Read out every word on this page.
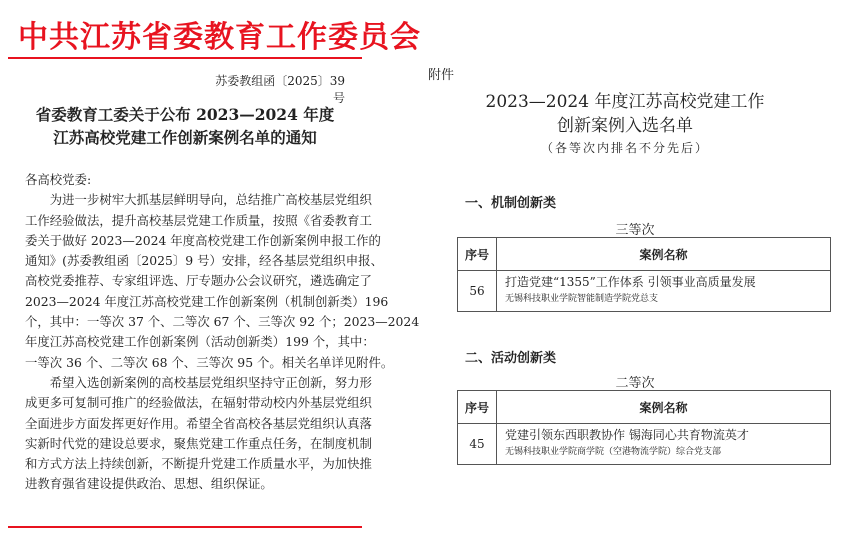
中共江苏省委教育工作委员会
苏委教组函〔2025〕39 号
省委教育工委关于公布 2023—2024 年度
江苏高校党建工作创新案例名单的通知
各高校党委:
　　为进一步树牢大抓基层鲜明导向，总结推广高校基层党组织
工作经验做法，提升高校基层党建工作质量，按照《省委教育工
委关于做好 2023—2024 年度高校党建工作创新案例申报工作的
通知》(苏委教组函〔2025〕9 号）安排，经各基层党组织申报、
高校党委推荐、专家组评选、厅专题办公会议研究，遴选确定了
2023—2024 年度江苏高校党建工作创新案例（机制创新类）196
个，其中：一等次 37 个、二等次 67 个、三等次 92 个；2023—2024
年度江苏高校党建工作创新案例（活动创新类）199 个，其中：
一等次 36 个、二等次 68 个、三等次 95 个。相关名单详见附件。
　　希望入选创新案例的高校基层党组织坚持守正创新，努力形
成更多可复制可推广的经验做法，在辐射带动校内外基层党组织
全面进步方面发挥更好作用。希望全省高校各基层党组织认真落
实新时代党的建设总要求，聚焦党建工作重点任务，在制度机制
和方式方法上持续创新，不断提升党建工作质量水平，为加快推
进教育强省建设提供政治、思想、组织保证。
附件
2023—2024 年度江苏高校党建工作
创新案例入选名单
（各等次内排名不分先后）
一、机制创新类
三等次
序号	案例名称
56	打造党建“1355”工作体系 引领事业高质量发展
无锡科技职业学院智能制造学院党总支
二、活动创新类
二等次
序号	案例名称
45	党建引领东西职教协作 锡海同心共育物流英才
无锡科技职业学院商学院（空港物流学院）综合党支部
